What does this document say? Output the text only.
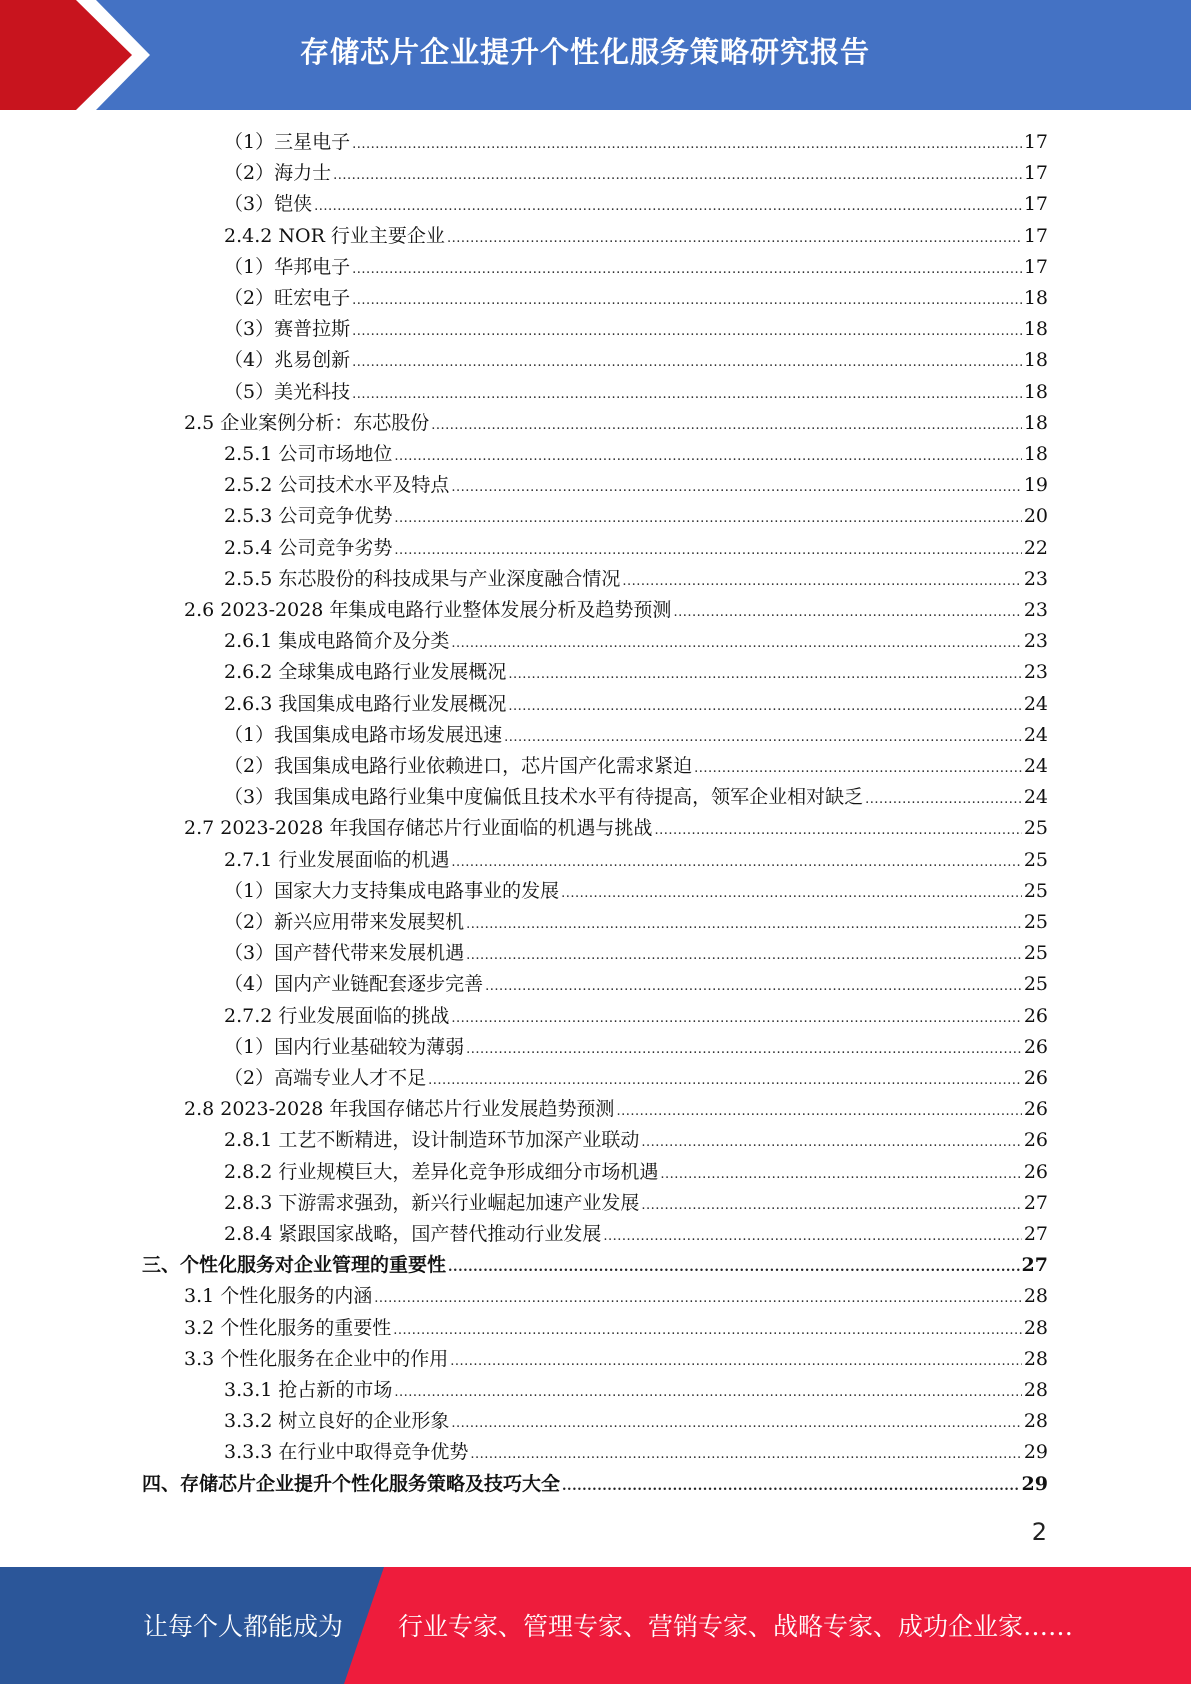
存储芯片企业提升个性化服务策略研究报告
（1）三星电子 .....	17
（2）海力士 .....	17
（3）铠侠 .....	17
2.4.2 NOR 行业主要企业 .....	17
（1）华邦电子 .....	17
（2）旺宏电子 .....	18
（3）赛普拉斯 .....	18
（4）兆易创新 .....	18
（5）美光科技 .....	18
2.5 企业案例分析：东芯股份 .....	18
2.5.1 公司市场地位 .....	18
2.5.2 公司技术水平及特点 .....	19
2.5.3 公司竞争优势 .....	20
2.5.4 公司竞争劣势 .....	22
2.5.5 东芯股份的科技成果与产业深度融合情况 .....	23
2.6 2023-2028 年集成电路行业整体发展分析及趋势预测 .....	23
2.6.1 集成电路简介及分类 .....	23
2.6.2 全球集成电路行业发展概况 .....	23
2.6.3 我国集成电路行业发展概况 .....	24
（1）我国集成电路市场发展迅速 .....	24
（2）我国集成电路行业依赖进口，芯片国产化需求紧迫 .....	24
（3）我国集成电路行业集中度偏低且技术水平有待提高，领军企业相对缺乏 .....	24
2.7 2023-2028 年我国存储芯片行业面临的机遇与挑战 .....	25
2.7.1 行业发展面临的机遇 .....	25
（1）国家大力支持集成电路事业的发展 .....	25
（2）新兴应用带来发展契机 .....	25
（3）国产替代带来发展机遇 .....	25
（4）国内产业链配套逐步完善 .....	25
2.7.2 行业发展面临的挑战 .....	26
（1）国内行业基础较为薄弱 .....	26
（2）高端专业人才不足 .....	26
2.8 2023-2028 年我国存储芯片行业发展趋势预测 .....	26
2.8.1 工艺不断精进，设计制造环节加深产业联动 .....	26
2.8.2 行业规模巨大，差异化竞争形成细分市场机遇 .....	26
2.8.3 下游需求强劲，新兴行业崛起加速产业发展 .....	27
2.8.4 紧跟国家战略，国产替代推动行业发展 .....	27
三、个性化服务对企业管理的重要性 .....	27
3.1 个性化服务的内涵 .....	28
3.2 个性化服务的重要性 .....	28
3.3 个性化服务在企业中的作用 .....	28
3.3.1 抢占新的市场 .....	28
3.3.2 树立良好的企业形象 .....	28
3.3.3 在行业中取得竞争优势 .....	29
四、存储芯片企业提升个性化服务策略及技巧大全 .....	29
2
让每个人都能成为 行业专家、管理专家、营销专家、战略专家、成功企业家……
